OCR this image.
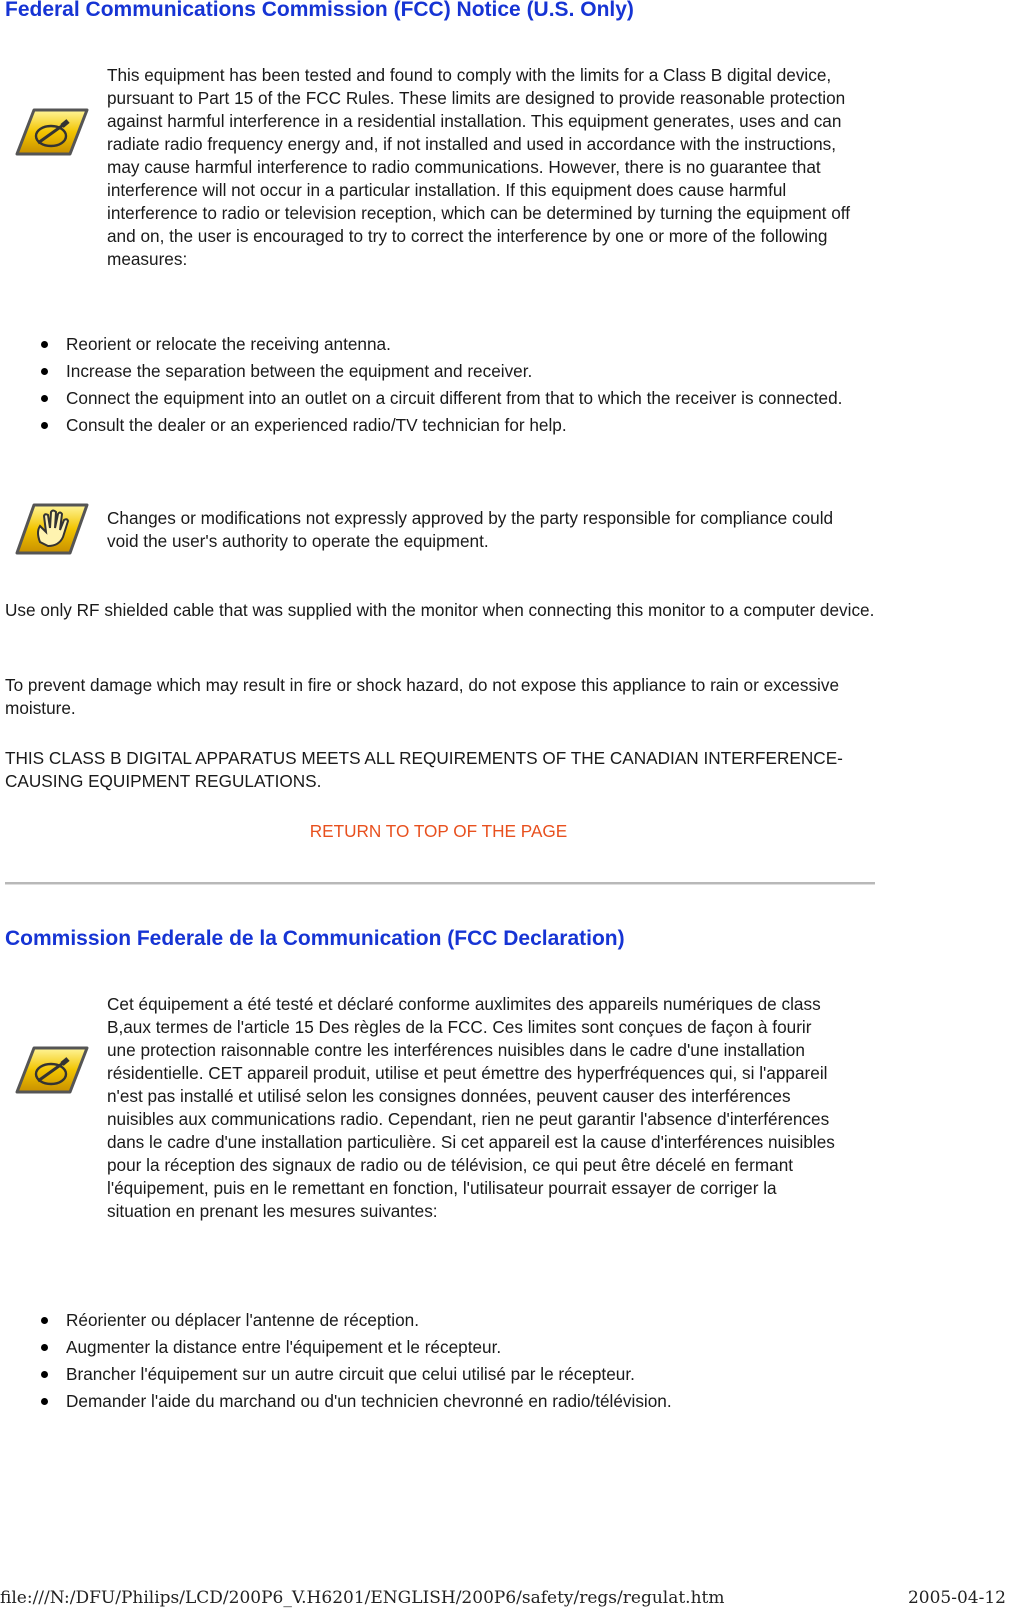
Federal Communications Commission (FCC) Notice (U.S. Only)
This equipment has been tested and found to comply with the limits for a Class B digital device, pursuant to Part 15 of the FCC Rules. These limits are designed to provide reasonable protection against harmful interference in a residential installation. This equipment generates, uses and can radiate radio frequency energy and, if not installed and used in accordance with the instructions, may cause harmful interference to radio communications. However, there is no guarantee that interference will not occur in a particular installation. If this equipment does cause harmful interference to radio or television reception, which can be determined by turning the equipment off and on, the user is encouraged to try to correct the interference by one or more of the following measures:
Reorient or relocate the receiving antenna.
Increase the separation between the equipment and receiver.
Connect the equipment into an outlet on a circuit different from that to which the receiver is connected.
Consult the dealer or an experienced radio/TV technician for help.
Changes or modifications not expressly approved by the party responsible for compliance could void the user's authority to operate the equipment.
Use only RF shielded cable that was supplied with the monitor when connecting this monitor to a computer device.
To prevent damage which may result in fire or shock hazard, do not expose this appliance to rain or excessive moisture.
THIS CLASS B DIGITAL APPARATUS MEETS ALL REQUIREMENTS OF THE CANADIAN INTERFERENCE-CAUSING EQUIPMENT REGULATIONS.
RETURN TO TOP OF THE PAGE
Commission Federale de la Communication (FCC Declaration)
Cet équipement a été testé et déclaré conforme auxlimites des appareils numériques de class B,aux termes de l'article 15 Des règles de la FCC. Ces limites sont conçues de façon à fourir une protection raisonnable contre les interférences nuisibles dans le cadre d'une installation résidentielle. CET appareil produit, utilise et peut émettre des hyperfréquences qui, si l'appareil n'est pas installé et utilisé selon les consignes données, peuvent causer des interférences nuisibles aux communications radio. Cependant, rien ne peut garantir l'absence d'interférences dans le cadre d'une installation particulière. Si cet appareil est la cause d'interférences nuisibles pour la réception des signaux de radio ou de télévision, ce qui peut être décelé en fermant l'équipement, puis en le remettant en fonction, l'utilisateur pourrait essayer de corriger la situation en prenant les mesures suivantes:
Réorienter ou déplacer l'antenne de réception.
Augmenter la distance entre l'équipement et le récepteur.
Brancher l'équipement sur un autre circuit que celui utilisé par le récepteur.
Demander l'aide du marchand ou d'un technicien chevronné en radio/télévision.
file:///N:/DFU/Philips/LCD/200P6_V.H6201/ENGLISH/200P6/safety/regs/regulat.htm	2005-04-12
